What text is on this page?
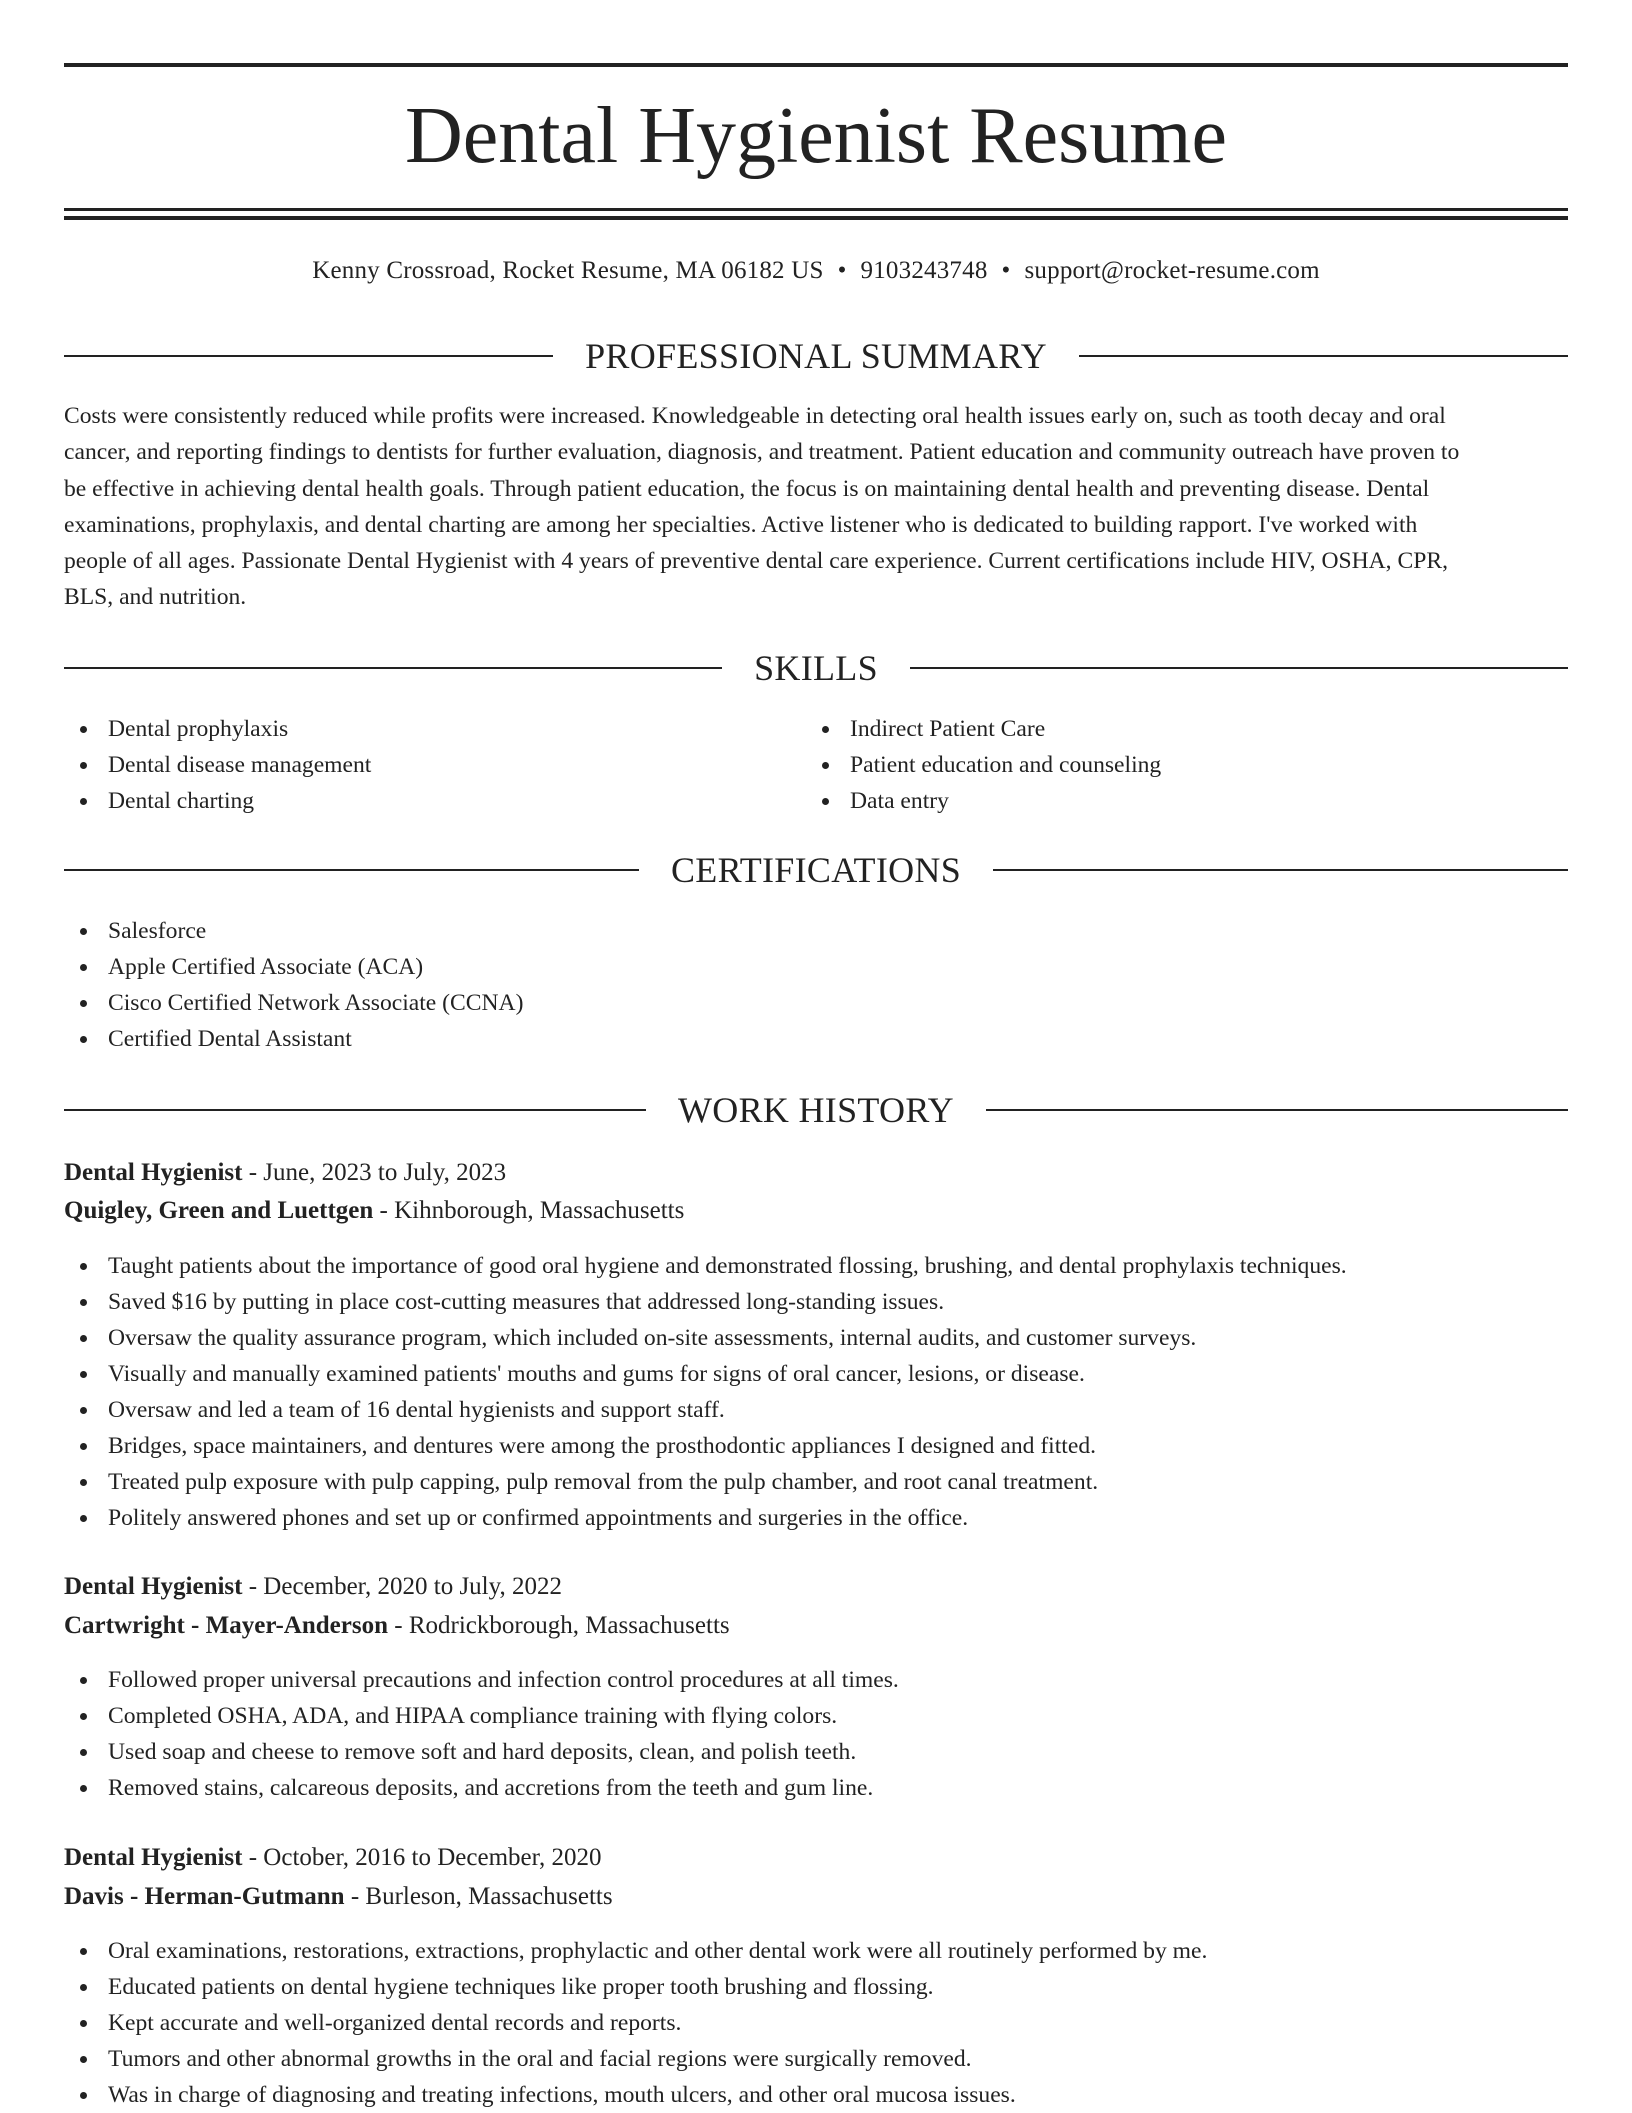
Dental Hygienist Resume
Kenny Crossroad, Rocket Resume, MA 06182 US • 9103243748 • support@rocket-resume.com
PROFESSIONAL SUMMARY
Costs were consistently reduced while profits were increased. Knowledgeable in detecting oral health issues early on, such as tooth decay and oral
cancer, and reporting findings to dentists for further evaluation, diagnosis, and treatment. Patient education and community outreach have proven to
be effective in achieving dental health goals. Through patient education, the focus is on maintaining dental health and preventing disease. Dental
examinations, prophylaxis, and dental charting are among her specialties. Active listener who is dedicated to building rapport. I've worked with
people of all ages. Passionate Dental Hygienist with 4 years of preventive dental care experience. Current certifications include HIV, OSHA, CPR,
BLS, and nutrition.
SKILLS
Dental prophylaxis
Dental disease management
Dental charting
Indirect Patient Care
Patient education and counseling
Data entry
CERTIFICATIONS
Salesforce
Apple Certified Associate (ACA)
Cisco Certified Network Associate (CCNA)
Certified Dental Assistant
WORK HISTORY
Dental Hygienist - June, 2023 to July, 2023
Quigley, Green and Luettgen - Kihnborough, Massachusetts
Taught patients about the importance of good oral hygiene and demonstrated flossing, brushing, and dental prophylaxis techniques.
Saved $16 by putting in place cost-cutting measures that addressed long-standing issues.
Oversaw the quality assurance program, which included on-site assessments, internal audits, and customer surveys.
Visually and manually examined patients' mouths and gums for signs of oral cancer, lesions, or disease.
Oversaw and led a team of 16 dental hygienists and support staff.
Bridges, space maintainers, and dentures were among the prosthodontic appliances I designed and fitted.
Treated pulp exposure with pulp capping, pulp removal from the pulp chamber, and root canal treatment.
Politely answered phones and set up or confirmed appointments and surgeries in the office.
Dental Hygienist - December, 2020 to July, 2022
Cartwright - Mayer-Anderson - Rodrickborough, Massachusetts
Followed proper universal precautions and infection control procedures at all times.
Completed OSHA, ADA, and HIPAA compliance training with flying colors.
Used soap and cheese to remove soft and hard deposits, clean, and polish teeth.
Removed stains, calcareous deposits, and accretions from the teeth and gum line.
Dental Hygienist - October, 2016 to December, 2020
Davis - Herman-Gutmann - Burleson, Massachusetts
Oral examinations, restorations, extractions, prophylactic and other dental work were all routinely performed by me.
Educated patients on dental hygiene techniques like proper tooth brushing and flossing.
Kept accurate and well-organized dental records and reports.
Tumors and other abnormal growths in the oral and facial regions were surgically removed.
Was in charge of diagnosing and treating infections, mouth ulcers, and other oral mucosa issues.
